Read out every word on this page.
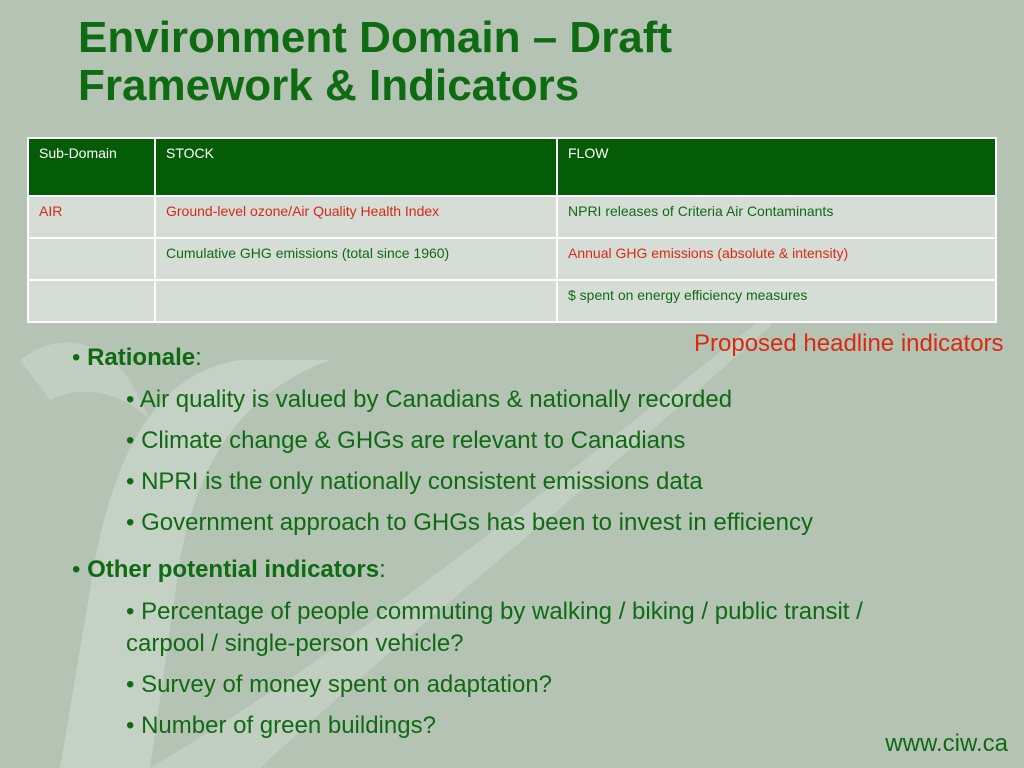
Environment Domain – Draft
Framework & Indicators
Sub-Domain	STOCK	FLOW
AIR	Ground-level ozone/Air Quality Health Index	NPRI releases of Criteria Air Contaminants
	Cumulative GHG emissions (total since 1960)	Annual GHG emissions (absolute & intensity)
		$ spent on energy efficiency measures
Proposed headline indicators

• Rationale:

• Air quality is valued by Canadians & nationally recorded

• Climate change & GHGs are relevant to Canadians

• NPRI is the only nationally consistent emissions data

• Government approach to GHGs has been to invest in efficiency

• Other potential indicators:

• Percentage of people commuting by walking / biking / public transit / carpool / single-person vehicle?

• Survey of money spent on adaptation?

• Number of green buildings?

www.ciw.ca
